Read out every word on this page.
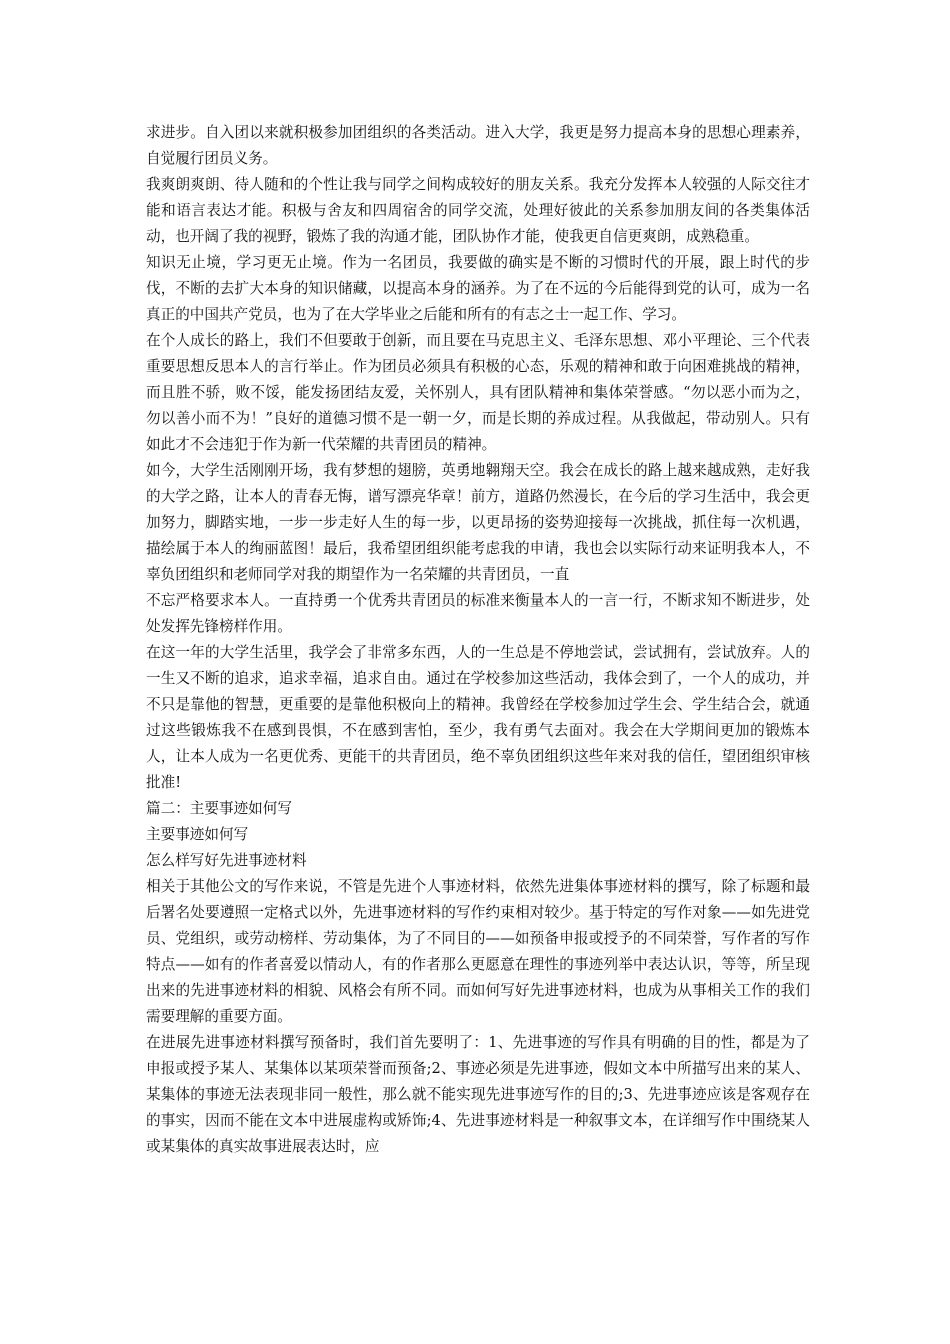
求进步。自入团以来就积极参加团组织的各类活动。进入大学，我更是努力提高本身的思想心理素养，自觉履行团员义务。

我爽朗爽朗、待人随和的个性让我与同学之间构成较好的朋友关系。我充分发挥本人较强的人际交往才能和语言表达才能。积极与舍友和四周宿舍的同学交流，处理好彼此的关系参加朋友间的各类集体活动，也开阔了我的视野，锻炼了我的沟通才能，团队协作才能，使我更自信更爽朗，成熟稳重。

知识无止境，学习更无止境。作为一名团员，我要做的确实是不断的习惯时代的开展，跟上时代的步伐，不断的去扩大本身的知识储藏，以提高本身的涵养。为了在不远的今后能得到党的认可，成为一名真正的中国共产党员，也为了在大学毕业之后能和所有的有志之士一起工作、学习。

在个人成长的路上，我们不但要敢于创新，而且要在马克思主义、毛泽东思想、邓小平理论、三个代表重要思想反思本人的言行举止。作为团员必须具有积极的心态，乐观的精神和敢于向困难挑战的精神，而且胜不骄，败不馁，能发扬团结友爱，关怀别人，具有团队精神和集体荣誉感。“勿以恶小而为之，勿以善小而不为！”良好的道德习惯不是一朝一夕，而是长期的养成过程。从我做起，带动别人。只有如此才不会违犯于作为新一代荣耀的共青团员的精神。

如今，大学生活刚刚开场，我有梦想的翅膀，英勇地翱翔天空。我会在成长的路上越来越成熟，走好我的大学之路，让本人的青春无悔，谱写漂亮华章！前方，道路仍然漫长，在今后的学习生活中，我会更加努力，脚踏实地，一步一步走好人生的每一步，以更昂扬的姿势迎接每一次挑战，抓住每一次机遇，描绘属于本人的绚丽蓝图！最后，我希望团组织能考虑我的申请，我也会以实际行动来证明我本人，不辜负团组织和老师同学对我的期望作为一名荣耀的共青团员，一直

不忘严格要求本人。一直持勇一个优秀共青团员的标准来衡量本人的一言一行，不断求知不断进步，处处发挥先锋榜样作用。

在这一年的大学生活里，我学会了非常多东西，人的一生总是不停地尝试，尝试拥有，尝试放弃。人的一生又不断的追求，追求幸福，追求自由。通过在学校参加这些活动，我体会到了，一个人的成功，并不只是靠他的智慧，更重要的是靠他积极向上的精神。我曾经在学校参加过学生会、学生结合会，就通过这些锻炼我不在感到畏惧，不在感到害怕，至少，我有勇气去面对。我会在大学期间更加的锻炼本人，让本人成为一名更优秀、更能干的共青团员，绝不辜负团组织这些年来对我的信任，望团组织审核批准!

篇二：主要事迹如何写

主要事迹如何写

怎么样写好先进事迹材料

相关于其他公文的写作来说，不管是先进个人事迹材料，依然先进集体事迹材料的撰写，除了标题和最后署名处要遵照一定格式以外，先进事迹材料的写作约束相对较少。基于特定的写作对象——如先进党员、党组织，或劳动榜样、劳动集体，为了不同目的——如预备申报或授予的不同荣誉，写作者的写作特点——如有的作者喜爱以情动人，有的作者那么更愿意在理性的事迹列举中表达认识，等等，所呈现出来的先进事迹材料的相貌、风格会有所不同。而如何写好先进事迹材料，也成为从事相关工作的我们需要理解的重要方面。

在进展先进事迹材料撰写预备时，我们首先要明了：1、先进事迹的写作具有明确的目的性，都是为了申报或授予某人、某集体以某项荣誉而预备;2、事迹必须是先进事迹，假如文本中所描写出来的某人、某集体的事迹无法表现非同一般性，那么就不能实现先进事迹写作的目的;3、先进事迹应该是客观存在的事实，因而不能在文本中进展虚构或矫饰;4、先进事迹材料是一种叙事文本，在详细写作中围绕某人或某集体的真实故事进展表达时，应
